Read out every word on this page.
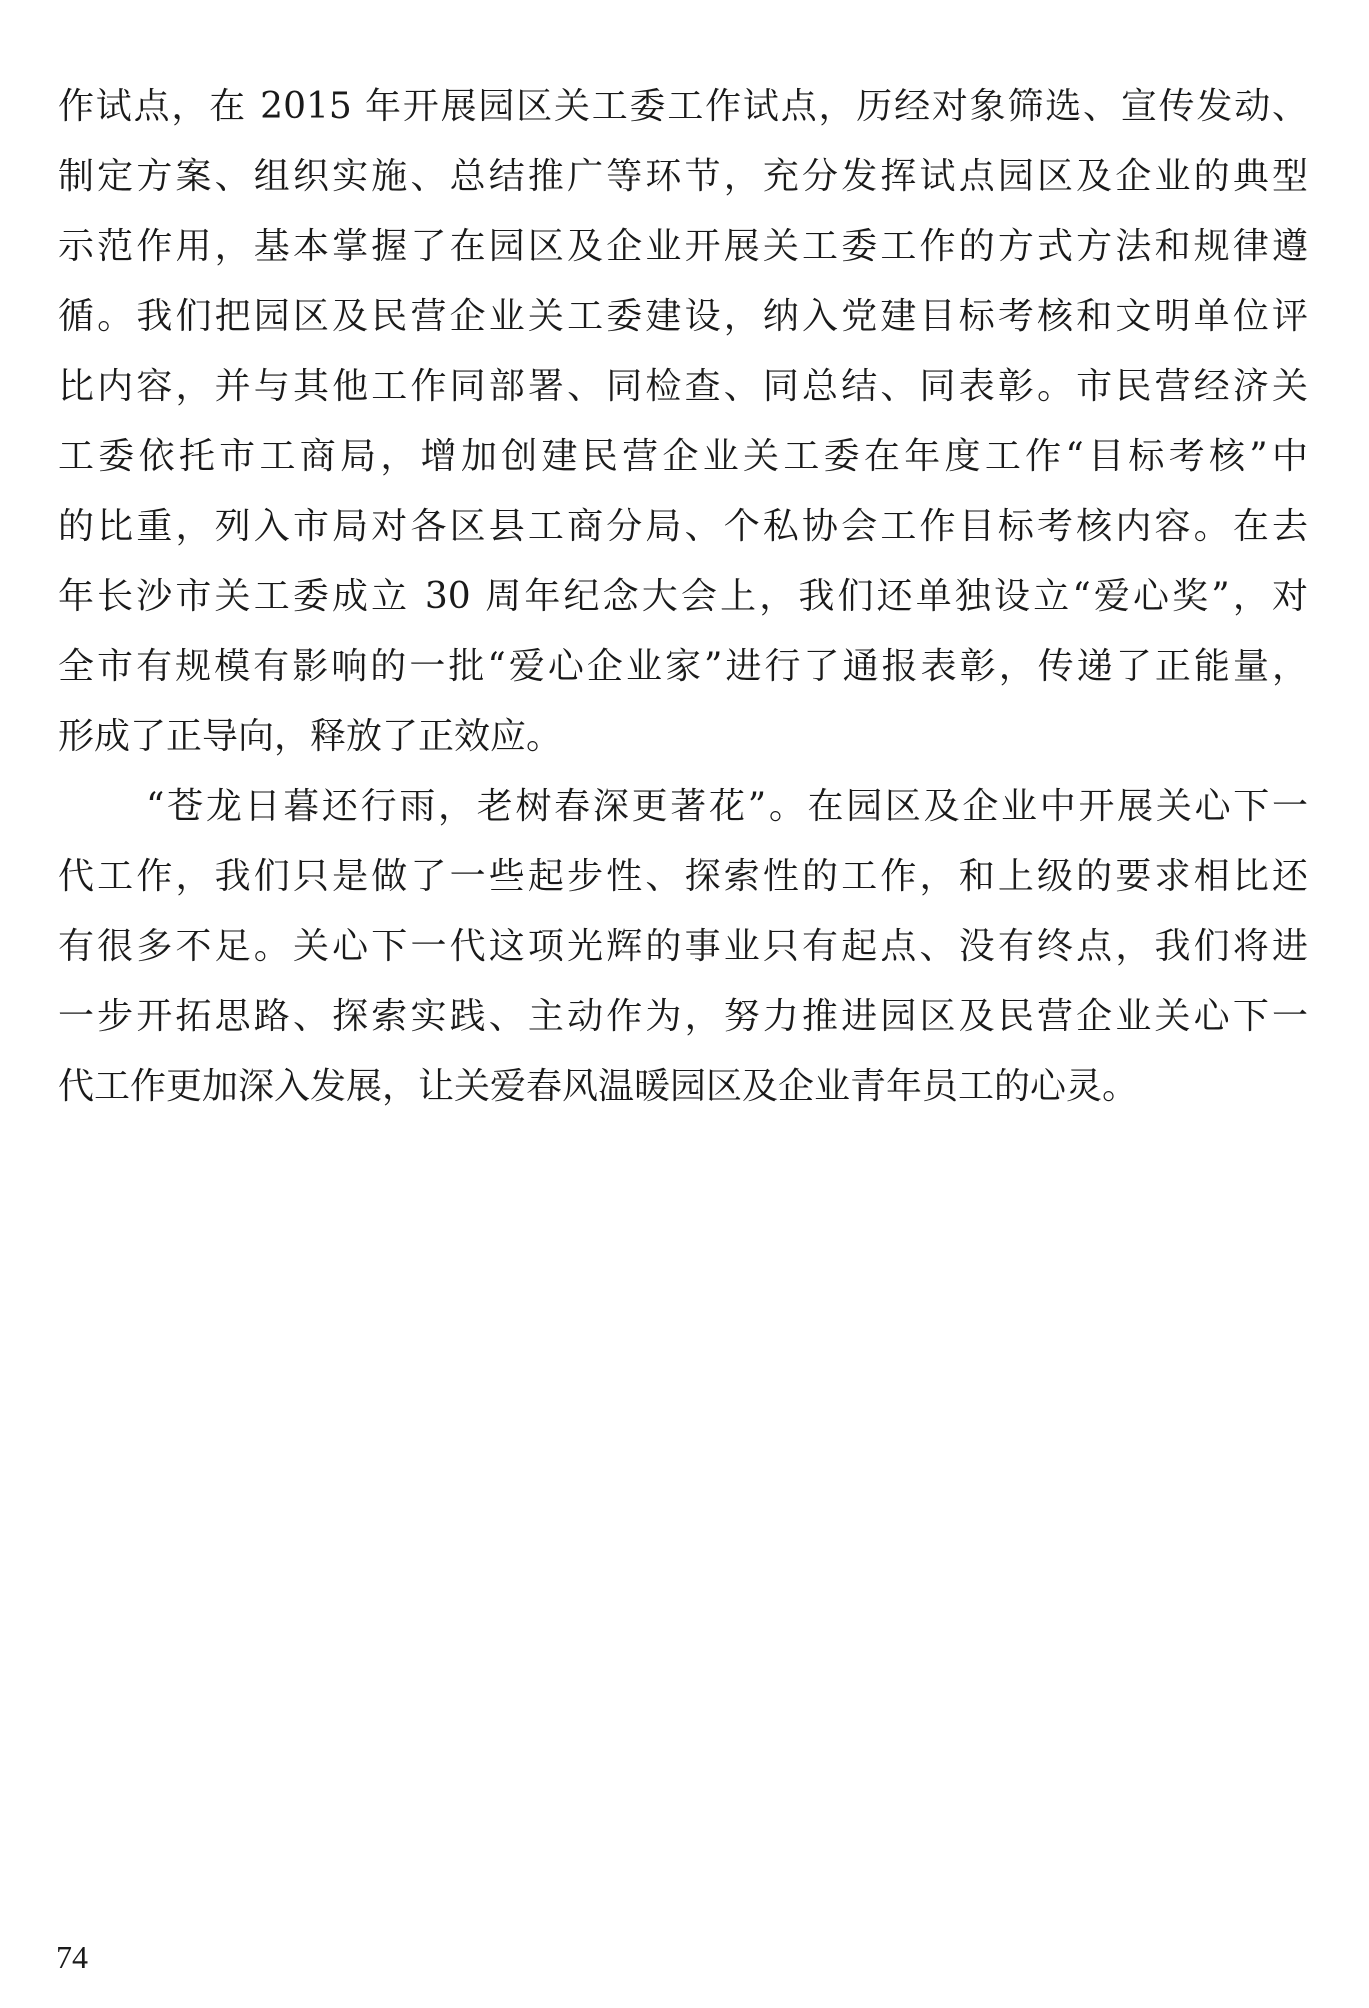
作试点，在 2015 年开展园区关工委工作试点，历经对象筛选、宣传发动、
制定方案、组织实施、总结推广等环节，充分发挥试点园区及企业的典型
示范作用，基本掌握了在园区及企业开展关工委工作的方式方法和规律遵
循。我们把园区及民营企业关工委建设，纳入党建目标考核和文明单位评
比内容，并与其他工作同部署、同检查、同总结、同表彰。市民营经济关
工委依托市工商局，增加创建民营企业关工委在年度工作“目标考核”中
的比重，列入市局对各区县工商分局、个私协会工作目标考核内容。在去
年长沙市关工委成立 30 周年纪念大会上，我们还单独设立“爱心奖”，对
全市有规模有影响的一批“爱心企业家”进行了通报表彰，传递了正能量，
形成了正导向，释放了正效应。
“苍龙日暮还行雨，老树春深更著花”。在园区及企业中开展关心下一
代工作，我们只是做了一些起步性、探索性的工作，和上级的要求相比还
有很多不足。关心下一代这项光辉的事业只有起点、没有终点，我们将进
一步开拓思路、探索实践、主动作为，努力推进园区及民营企业关心下一
代工作更加深入发展，让关爱春风温暖园区及企业青年员工的心灵。
74
